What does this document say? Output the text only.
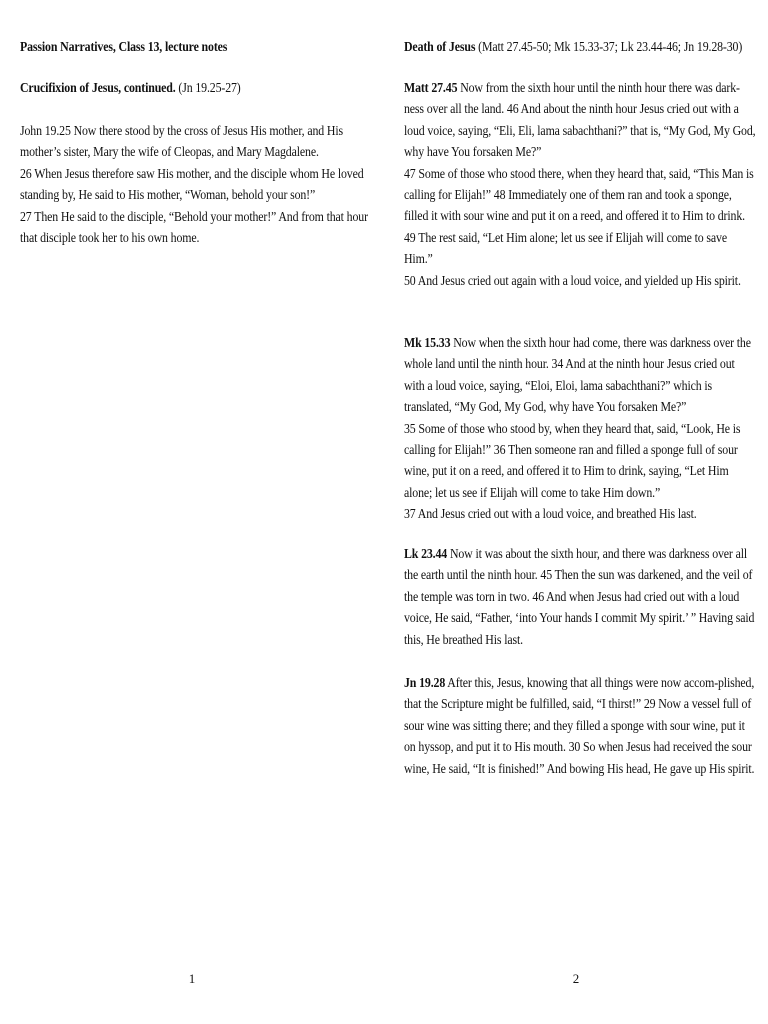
Passion Narratives, Class 13, lecture notes
Crucifixion of Jesus, continued. (Jn 19.25-27)

John 19.25 Now there stood by the cross of Jesus His mother, and His mother’s sister, Mary the wife of Cleopas, and Mary Magdalene.

26 When Jesus therefore saw His mother, and the disciple whom He loved standing by, He said to His mother, “Woman, behold your son!”

27 Then He said to the disciple, “Behold your mother!” And from that hour that disciple took her to his own home.

1
Death of Jesus (Matt 27.45-50; Mk 15.33-37; Lk 23.44-46; Jn 19.28-30)

Matt 27.45 Now from the sixth hour until the ninth hour there was dark-ness over all the land. 46 And about the ninth hour Jesus cried out with a loud voice, saying, “Eli, Eli, lama sabachthani?” that is, “My God, My God, why have You forsaken Me?”

47 Some of those who stood there, when they heard that, said, “This Man is calling for Elijah!” 48 Immediately one of them ran and took a sponge, filled it with sour wine and put it on a reed, and offered it to Him to drink.

49 The rest said, “Let Him alone; let us see if Elijah will come to save Him.”

50 And Jesus cried out again with a loud voice, and yielded up His spirit.

Mk 15.33 Now when the sixth hour had come, there was darkness over the whole land until the ninth hour. 34 And at the ninth hour Jesus cried out with a loud voice, saying, “Eloi, Eloi, lama sabachthani?” which is translated, “My God, My God, why have You forsaken Me?”

35 Some of those who stood by, when they heard that, said, “Look, He is calling for Elijah!” 36 Then someone ran and filled a sponge full of sour wine, put it on a reed, and offered it to Him to drink, saying, “Let Him alone; let us see if Elijah will come to take Him down.”

37 And Jesus cried out with a loud voice, and breathed His last.

Lk 23.44 Now it was about the sixth hour, and there was darkness over all the earth until the ninth hour. 45 Then the sun was darkened, and the veil of the temple was torn in two. 46 And when Jesus had cried out with a loud voice, He said, “Father, ‘into Your hands I commit My spirit.’ ” Having said this, He breathed His last.

Jn 19.28 After this, Jesus, knowing that all things were now accom-plished, that the Scripture might be fulfilled, said, “I thirst!” 29 Now a vessel full of sour wine was sitting there; and they filled a sponge with sour wine, put it on hyssop, and put it to His mouth. 30 So when Jesus had received the sour wine, He said, “It is finished!” And bowing His head, He gave up His spirit.

2
